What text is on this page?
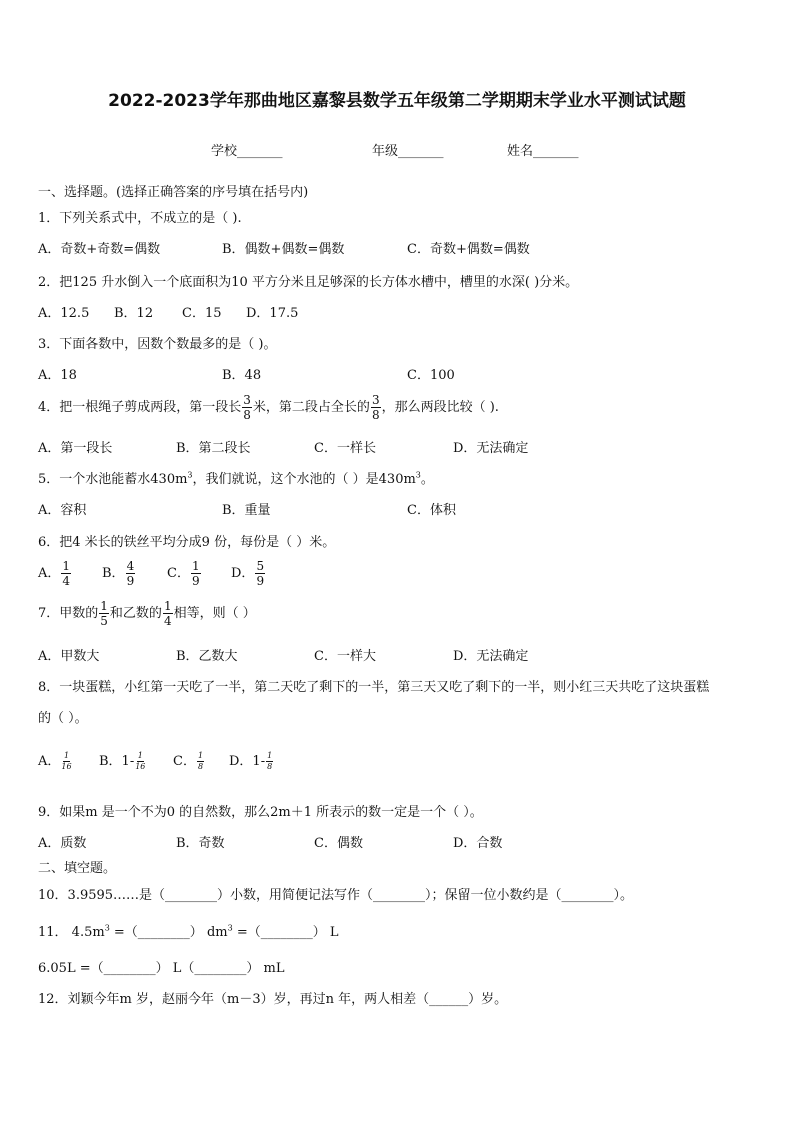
2022-2023学年那曲地区嘉黎县数学五年级第二学期期末学业水平测试试题
学校_______	年级_______	姓名_______
一、选择题。(选择正确答案的序号填在括号内)
1．下列关系式中，不成立的是（ ).
A．奇数+奇数=偶数	B．偶数+偶数=偶数	C．奇数+偶数=偶数
2．把125 升水倒入一个底面积为10 平方分米且足够深的长方体水槽中，槽里的水深( )分米。
A．12.5 B．12 C．15 D．17.5
3．下面各数中，因数个数最多的是（ )。
A．18	B．48	C．100
4．把一根绳子剪成两段，第一段长 $\frac{3}{8}$ 米，第二段占全长的 $\frac{3}{8}$ ，那么两段比较（ ).
A．第一段长	B．第二段长	C．一样长	D．无法确定
5．一个水池能蓄水$430m^3$，我们就说，这个水池的（ ）是$430m^3$。
A．容积	B．重量	C．体积
6．把4 米长的铁丝平均分成9 份，每份是（ ）米。
A． $\frac{1}{4}$ B． $\frac{4}{9}$ C． $\frac{1}{9}$ D． $\frac{5}{9}$
7．甲数的 $\frac{1}{5}$ 和乙数的 $\frac{1}{4}$ 相等，则（ ）
A．甲数大	B．乙数大	C．一样大	D．无法确定
8．一块蛋糕，小红第一天吃了一半，第二天吃了剩下的一半，第三天又吃了剩下的一半，则小红三天共吃了这块蛋糕
的（ ）。
A． $\frac{1}{16}$ B．$1- \frac{1}{16}$ C． $\frac{1}{8}$ D．$1- \frac{1}{8}$
9．如果m 是一个不为0 的自然数，那么2m＋1 所表示的数一定是一个（ ）。
A．质数	B．奇数	C．偶数	D．合数
二、填空题。
10．3.9595……是（________）小数，用简便记法写作（________）；保留一位小数约是（________）。
11． $4.5m^3$ =（________） $dm^3$ =（________） L
6.05L =（________） L（________） mL
12．刘颖今年m 岁，赵丽今年（m－3）岁，再过n 年，两人相差（______）岁。
